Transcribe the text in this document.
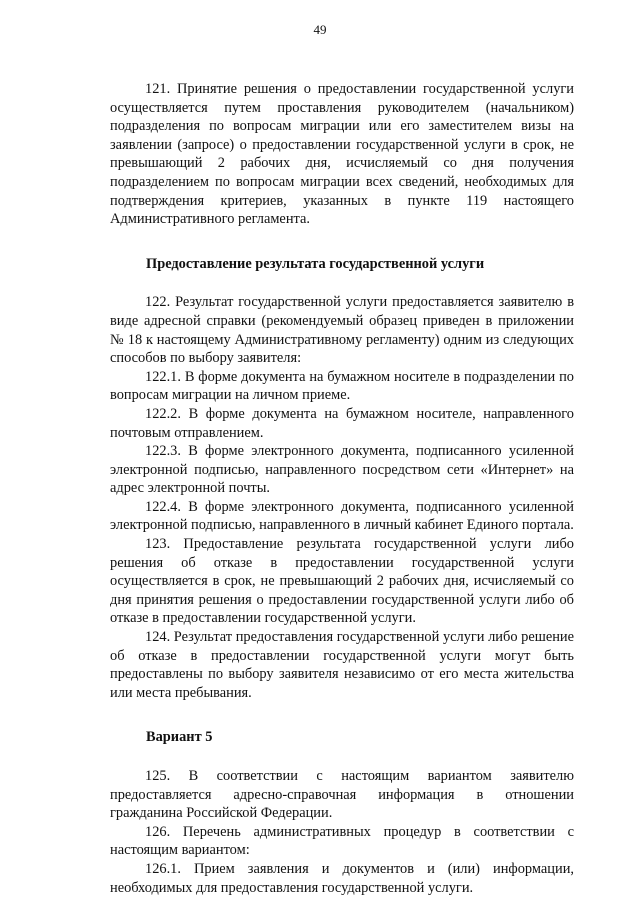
49

121. Принятие решения о предоставлении государственной услуги осуществляется путем проставления руководителем (начальником) подразделения по вопросам миграции или его заместителем визы на заявлении (запросе) о предоставлении государственной услуги в срок, не превышающий 2 рабочих дня, исчисляемый со дня получения подразделением по вопросам миграции всех сведений, необходимых для подтверждения критериев, указанных в пункте 119 настоящего Административного регламента.

Предоставление результата государственной услуги

122. Результат государственной услуги предоставляется заявителю в виде адресной справки (рекомендуемый образец приведен в приложении № 18 к настоящему Административному регламенту) одним из следующих способов по выбору заявителя:

122.1. В форме документа на бумажном носителе в подразделении по вопросам миграции на личном приеме.

122.2. В форме документа на бумажном носителе, направленного почтовым отправлением.

122.3. В форме электронного документа, подписанного усиленной электронной подписью, направленного посредством сети «Интернет» на адрес электронной почты.

122.4. В форме электронного документа, подписанного усиленной электронной подписью, направленного в личный кабинет Единого портала.

123. Предоставление результата государственной услуги либо решения об отказе в предоставлении государственной услуги осуществляется в срок, не превышающий 2 рабочих дня, исчисляемый со дня принятия решения о предоставлении государственной услуги либо об отказе в предоставлении государственной услуги.

124. Результат предоставления государственной услуги либо решение об отказе в предоставлении государственной услуги могут быть предоставлены по выбору заявителя независимо от его места жительства или места пребывания.

Вариант 5

125. В соответствии с настоящим вариантом заявителю предоставляется адресно-справочная информация в отношении гражданина Российской Федерации.

126. Перечень административных процедур в соответствии с настоящим вариантом:

126.1. Прием заявления и документов и (или) информации, необходимых для предоставления государственной услуги.
